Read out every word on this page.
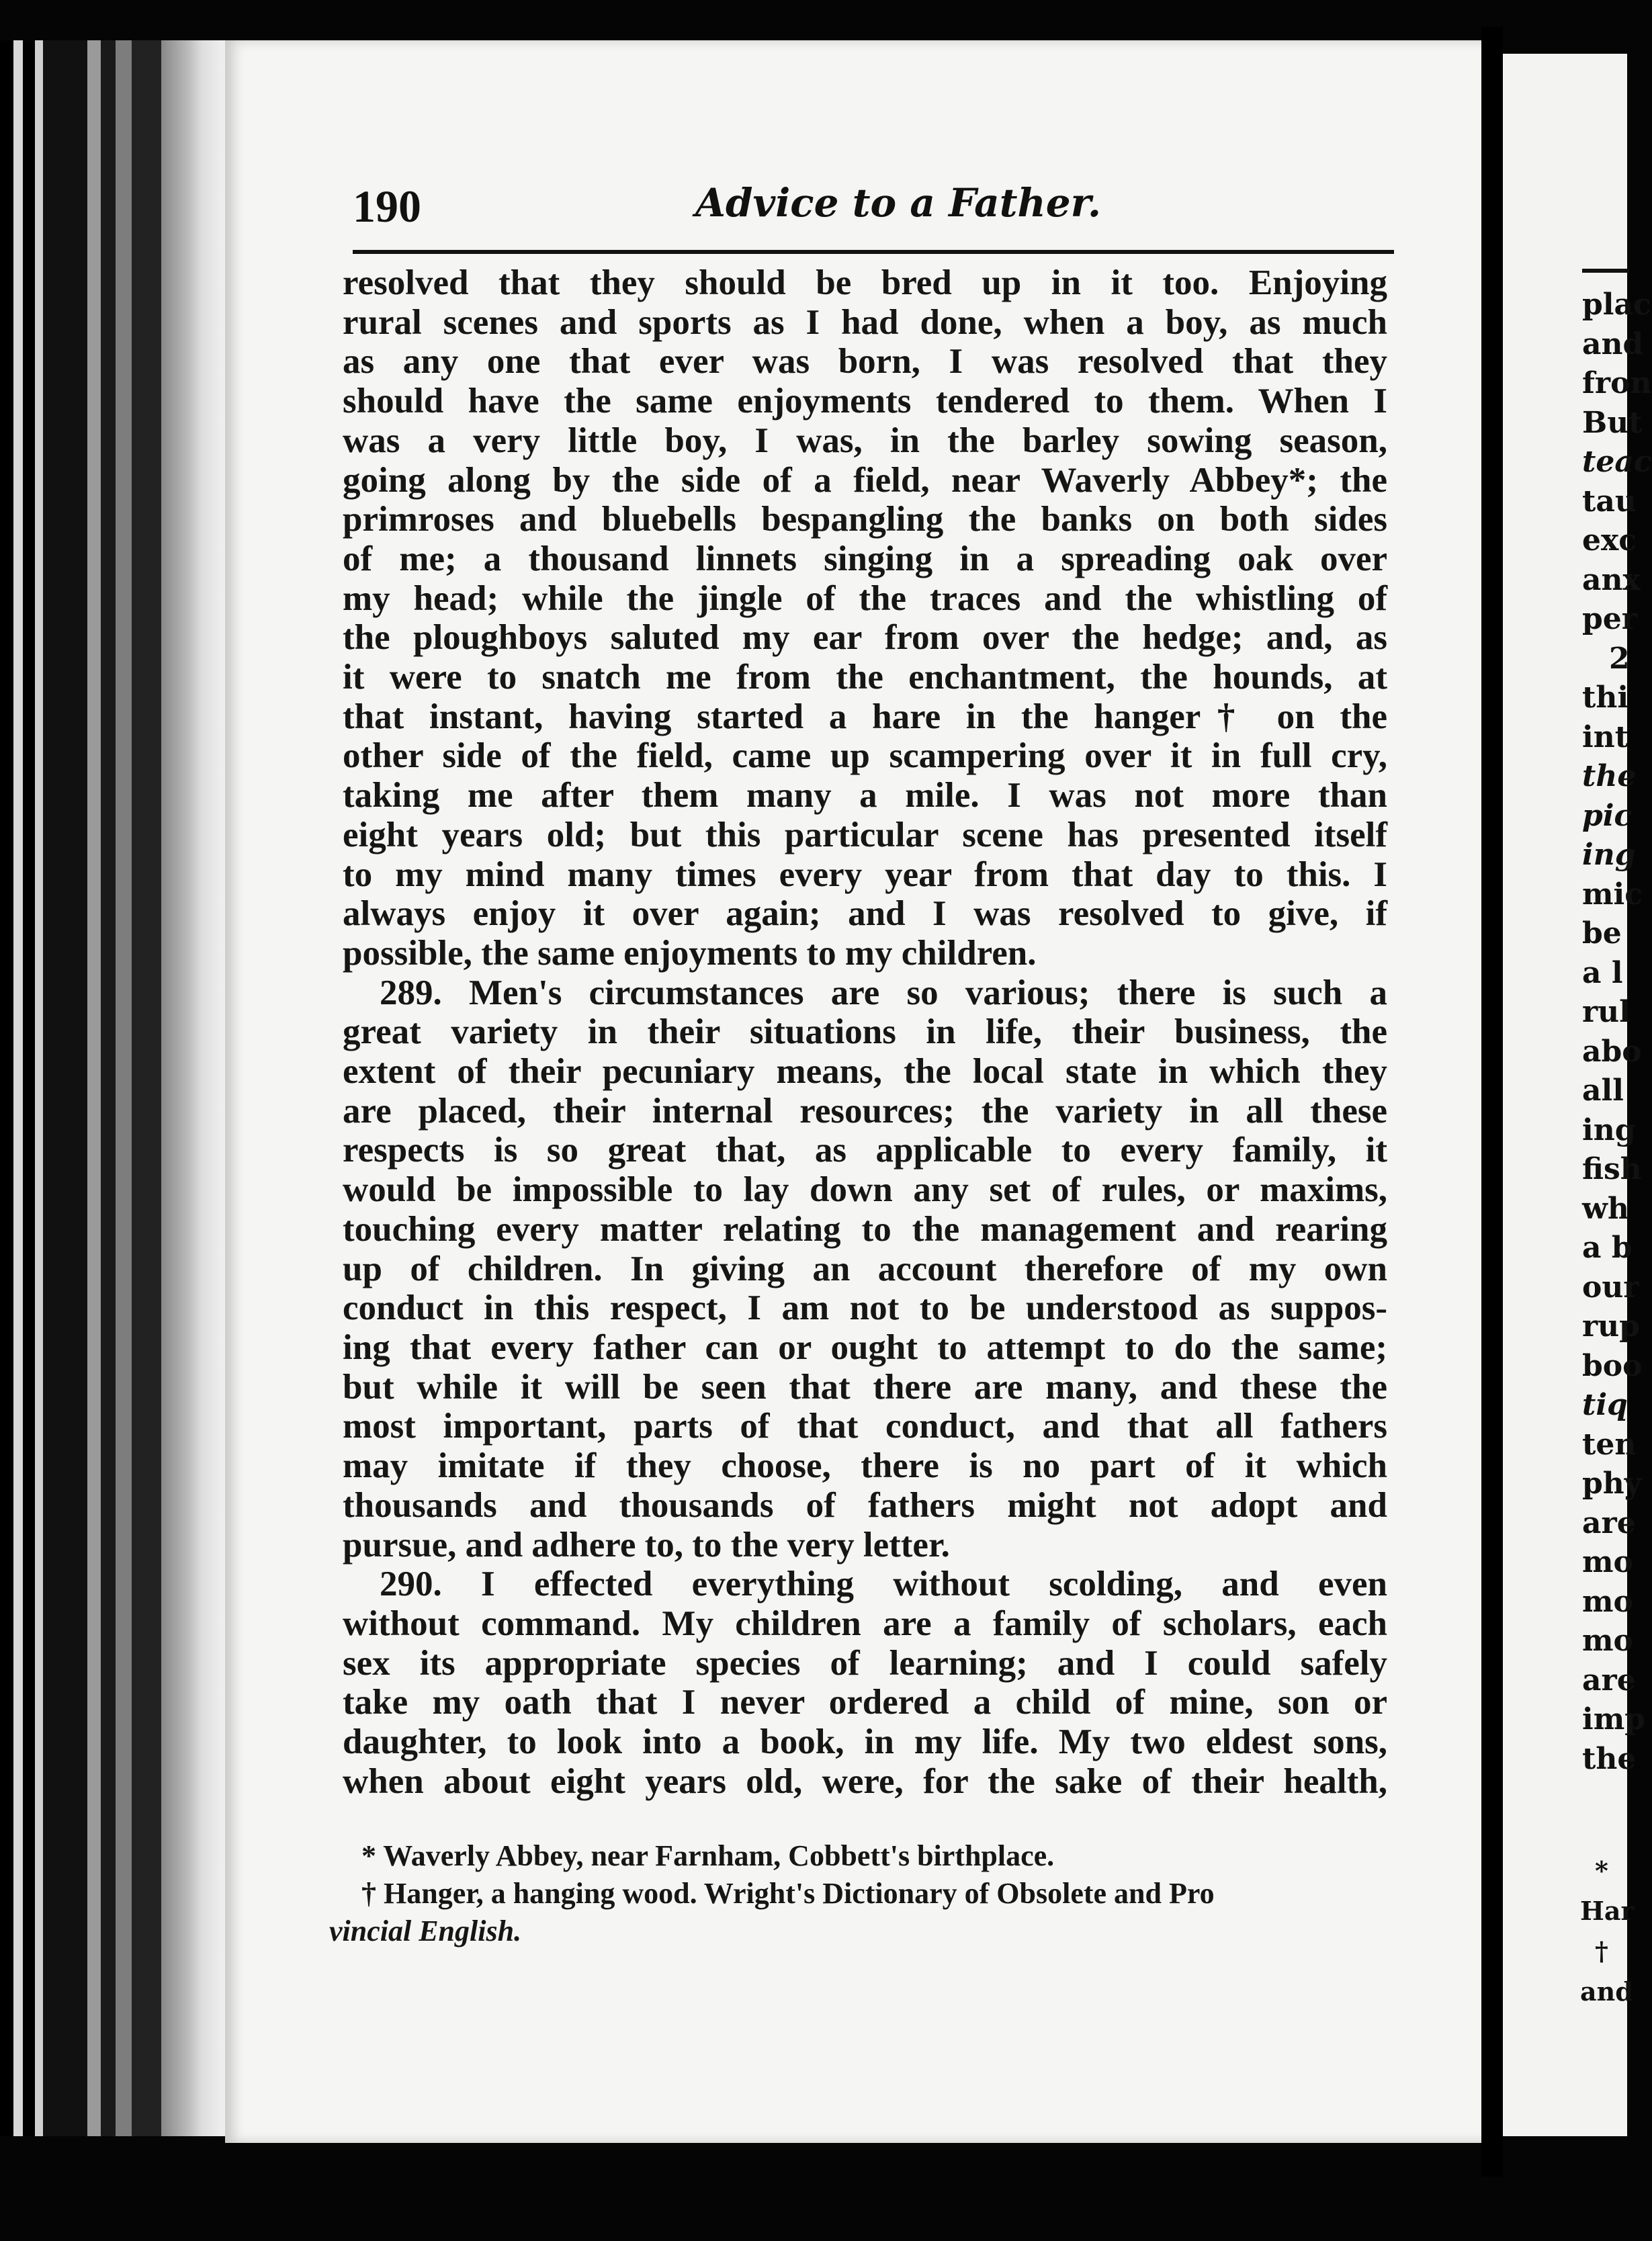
plac
and
fron
But
teac
tau
exc
anx
per
2
thi
int
the
pic
ing
mic
be
a l
rul
abo
all
ing
fish
wh
a b
our
rup
boo
tiq
ten
phy
are
mo
mo
mo
are
imp
the
*
Har
†
and
190	Advice to a Father.
resolved that they should be bred up in it too. Enjoying
rural scenes and sports as I had done, when a boy, as much
as any one that ever was born, I was resolved that they
should have the same enjoyments tendered to them. When I
was a very little boy, I was, in the barley sowing season,
going along by the side of a field, near Waverly Abbey*; the
primroses and bluebells bespangling the banks on both sides
of me; a thousand linnets singing in a spreading oak over
my head; while the jingle of the traces and the whistling of
the ploughboys saluted my ear from over the hedge; and, as
it were to snatch me from the enchantment, the hounds, at
that instant, having started a hare in the hanger† on the
other side of the field, came up scampering over it in full cry,
taking me after them many a mile. I was not more than
eight years old; but this particular scene has presented itself
to my mind many times every year from that day to this. I
always enjoy it over again; and I was resolved to give, if
possible, the same enjoyments to my children.
289. Men's circumstances are so various; there is such a
great variety in their situations in life, their business, the
extent of their pecuniary means, the local state in which they
are placed, their internal resources; the variety in all these
respects is so great that, as applicable to every family, it
would be impossible to lay down any set of rules, or maxims,
touching every matter relating to the management and rearing
up of children. In giving an account therefore of my own
conduct in this respect, I am not to be understood as suppos-
ing that every father can or ought to attempt to do the same;
but while it will be seen that there are many, and these the
most important, parts of that conduct, and that all fathers
may imitate if they choose, there is no part of it which
thousands and thousands of fathers might not adopt and
pursue, and adhere to, to the very letter.
290. I effected everything without scolding, and even
without command. My children are a family of scholars, each
sex its appropriate species of learning; and I could safely
take my oath that I never ordered a child of mine, son or
daughter, to look into a book, in my life. My two eldest sons,
when about eight years old, were, for the sake of their health,
* Waverly Abbey, near Farnham, Cobbett's birthplace.
† Hanger, a hanging wood. Wright's Dictionary of Obsolete and Pro
vincial English.
